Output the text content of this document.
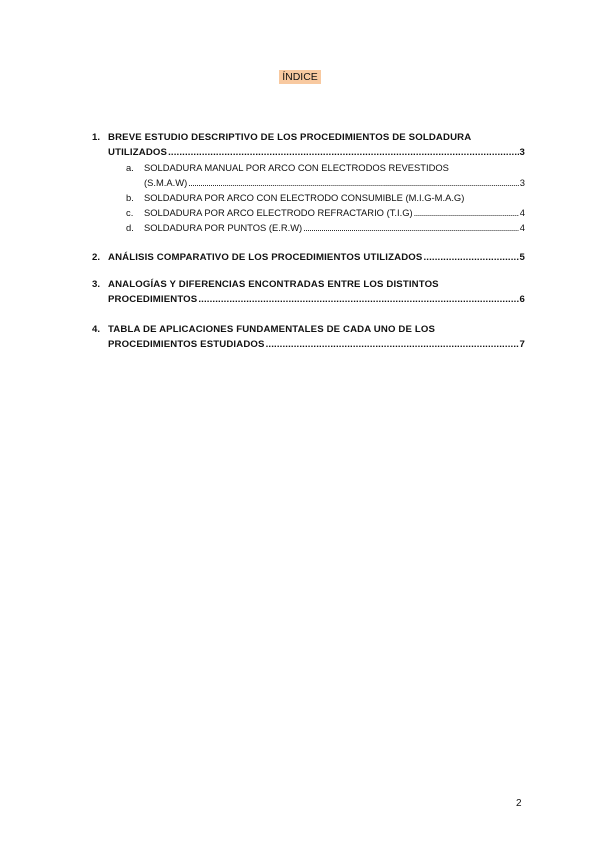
ÍNDICE
1. BREVE ESTUDIO DESCRIPTIVO DE LOS PROCEDIMIENTOS DE SOLDADURA
UTILIZADOS .....	3
a. SOLDADURA MANUAL POR ARCO CON ELECTRODOS REVESTIDOS
(S.M.A.W) .....	3
b. SOLDADURA POR ARCO CON ELECTRODO CONSUMIBLE (M.I.G-M.A.G)
c. SOLDADURA POR ARCO ELECTRODO REFRACTARIO (T.I.G) .....	4
d. SOLDADURA POR PUNTOS (E.R.W) .....	4
2. ANÁLISIS COMPARATIVO DE LOS PROCEDIMIENTOS UTILIZADOS .....	5
3. ANALOGÍAS Y DIFERENCIAS ENCONTRADAS ENTRE LOS DISTINTOS
PROCEDIMIENTOS .....	6
4. TABLA DE APLICACIONES FUNDAMENTALES DE CADA UNO DE LOS
PROCEDIMIENTOS ESTUDIADOS .....	7
2
